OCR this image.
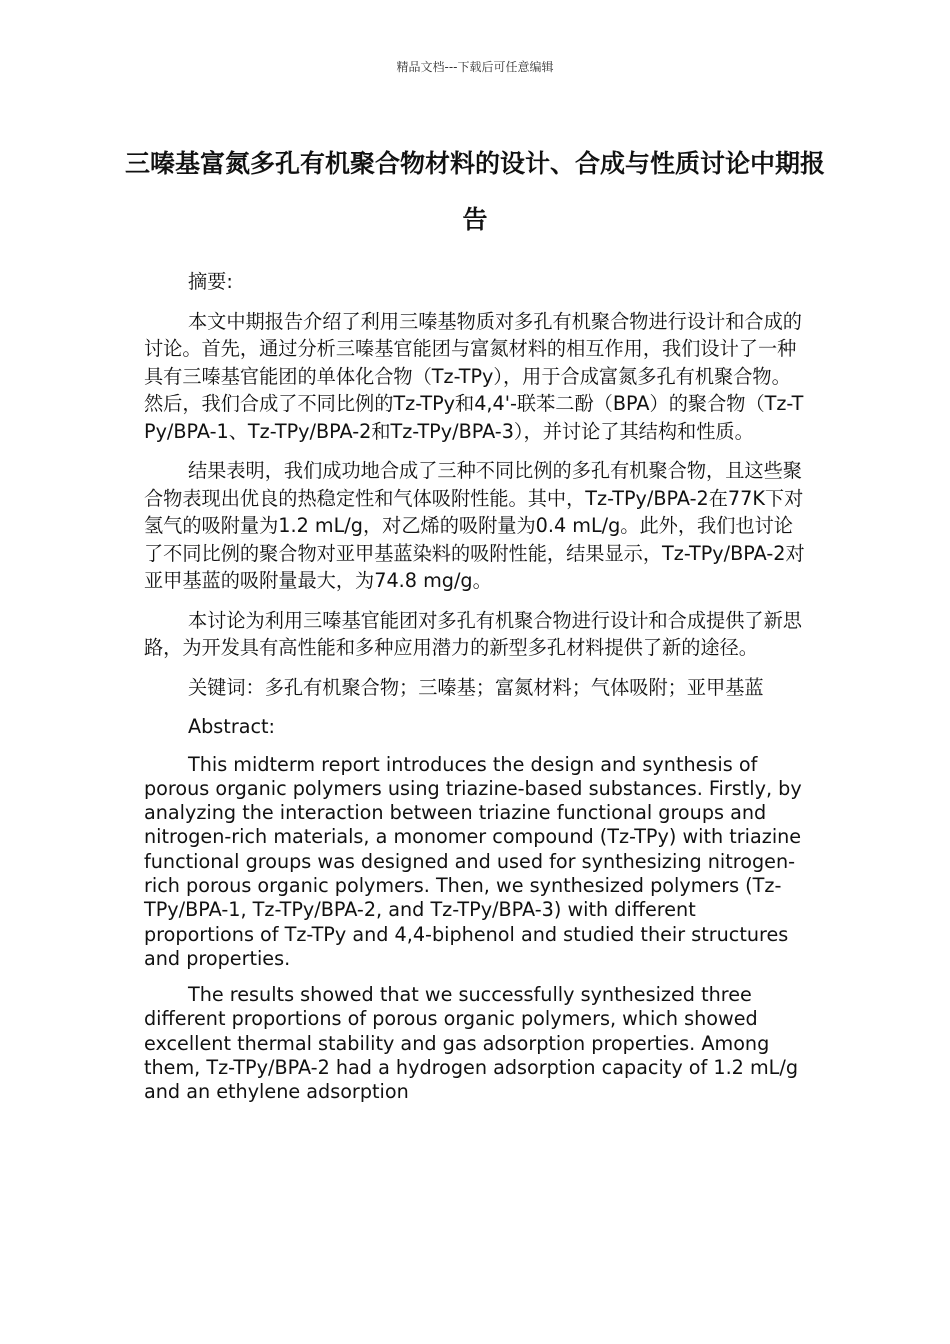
精品文档---下载后可任意编辑
三嗪基富氮多孔有机聚合物材料的设计、合成与性质讨论中期报告

摘要:

本文中期报告介绍了利用三嗪基物质对多孔有机聚合物进行设计和合成的讨论。首先，通过分析三嗪基官能团与富氮材料的相互作用，我们设计了一种具有三嗪基官能团的单体化合物（Tz-TPy），用于合成富氮多孔有机聚合物。然后，我们合成了不同比例的Tz-TPy和4,4'-联苯二酚（BPA）的聚合物（Tz-TPy/BPA-1、Tz-TPy/BPA-2和Tz-TPy/BPA-3），并讨论了其结构和性质。

结果表明，我们成功地合成了三种不同比例的多孔有机聚合物，且这些聚合物表现出优良的热稳定性和气体吸附性能。其中，Tz-TPy/BPA-2在77K下对氢气的吸附量为1.2 mL/g，对乙烯的吸附量为0.4 mL/g。此外，我们也讨论了不同比例的聚合物对亚甲基蓝染料的吸附性能，结果显示，Tz-TPy/BPA-2对亚甲基蓝的吸附量最大，为74.8 mg/g。

本讨论为利用三嗪基官能团对多孔有机聚合物进行设计和合成提供了新思路，为开发具有高性能和多种应用潜力的新型多孔材料提供了新的途径。

关键词：多孔有机聚合物；三嗪基；富氮材料；气体吸附；亚甲基蓝

Abstract:

This midterm report introduces the design and synthesis of porous organic polymers using triazine-based substances. Firstly, by analyzing the interaction between triazine functional groups and nitrogen-rich materials, a monomer compound (Tz-TPy) with triazine functional groups was designed and used for synthesizing nitrogen-rich porous organic polymers. Then, we synthesized polymers (Tz-TPy/BPA-1, Tz-TPy/BPA-2, and Tz-TPy/BPA-3) with different proportions of Tz-TPy and 4,4-biphenol and studied their structures and properties.

The results showed that we successfully synthesized three different proportions of porous organic polymers, which showed excellent thermal stability and gas adsorption properties. Among them, Tz-TPy/BPA-2 had a hydrogen adsorption capacity of 1.2 mL/g and an ethylene adsorption
